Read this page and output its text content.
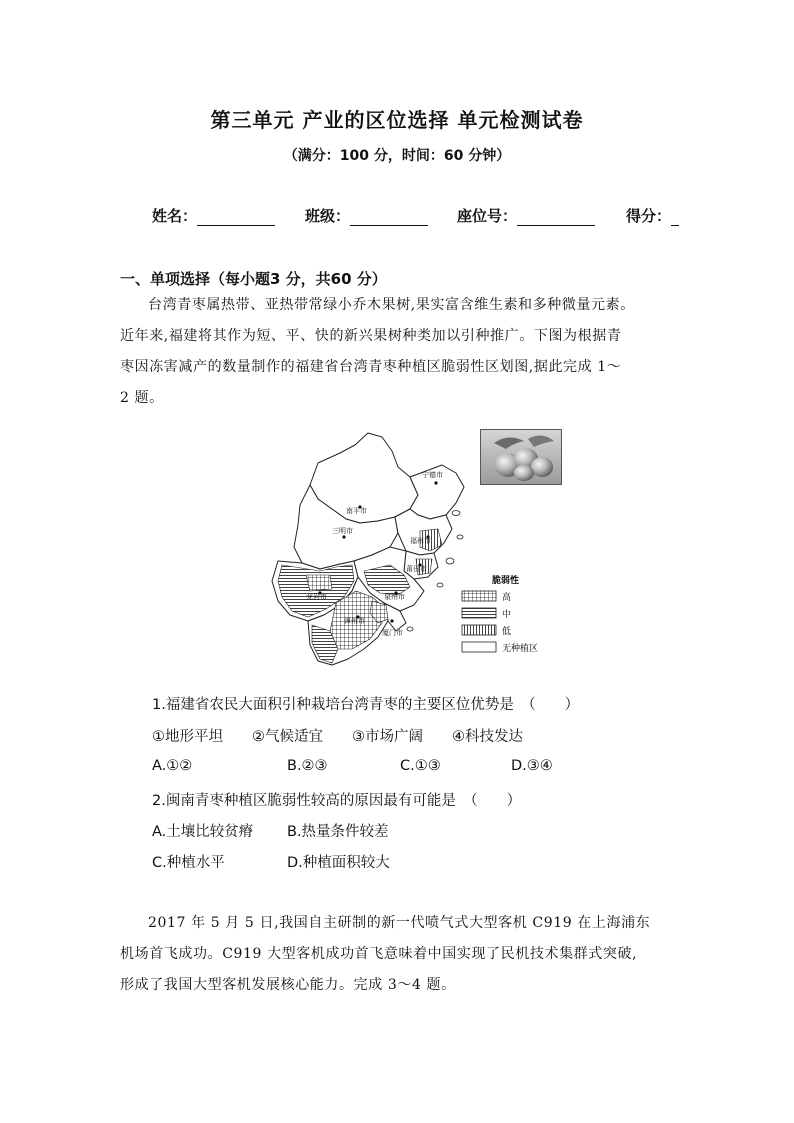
第三单元 产业的区位选择 单元检测试卷
（满分：100 分，时间：60 分钟）
姓名：	班级：	座位号：	得分：
一、单项选择（每小题3 分，共60 分）
台湾青枣属热带、亚热带常绿小乔木果树,果实富含维生素和多种微量元素。
近年来,福建将其作为短、平、快的新兴果树种类加以引种推广。下图为根据青
枣因冻害减产的数量制作的福建省台湾青枣种植区脆弱性区划图,据此完成 1～
2 题。
南平市
宁德市
三明市
福州市
莆田市
龙岩市	泉州市
漳州市
厦门市
脆弱性
高
中
低
无种植区
1.福建省农民大面积引种栽培台湾青枣的主要区位优势是　（　　）
①地形平坦　　②气候适宜　　③市场广阔　　④科技发达
A.①②	B.②③	C.①③	D.③④
2.闽南青枣种植区脆弱性较高的原因最有可能是　（　　）
A.土壤比较贫瘠 B.热量条件较差
C.种植水平	D.种植面积较大
2017 年 5 月 5 日,我国自主研制的新一代喷气式大型客机 C919 在上海浦东
机场首飞成功。C919 大型客机成功首飞意味着中国实现了民机技术集群式突破,
形成了我国大型客机发展核心能力。完成 3～4 题。
